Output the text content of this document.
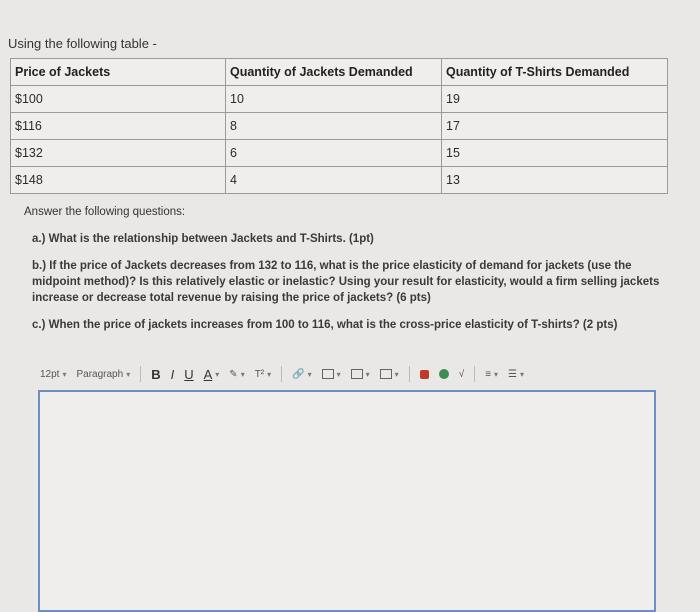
Using the following table -
Price of Jackets	Quantity of Jackets Demanded	Quantity of T-Shirts Demanded
$100	10	19
$116	8	17
$132	6	15
$148	4	13

Answer the following questions:

a.) What is the relationship between Jackets and T-Shirts. (1pt)

b.) If the price of Jackets decreases from 132 to 116, what is the price elasticity of demand for jackets (use the midpoint method)? Is this relatively elastic or inelastic? Using your result for elasticity, would a firm selling jackets increase or decrease total revenue by raising the price of jackets? (6 pts)

c.) When the price of jackets increases from 100 to 116, what is the cross-price elasticity of T-shirts? (2 pts)

12pt ▾ Paragraph ▾ B I U A ▾ ✎ ▾ T² ▾ 🔗 ▾	▾	▾	▾	√ ≡ ▾ ☰ ▾
